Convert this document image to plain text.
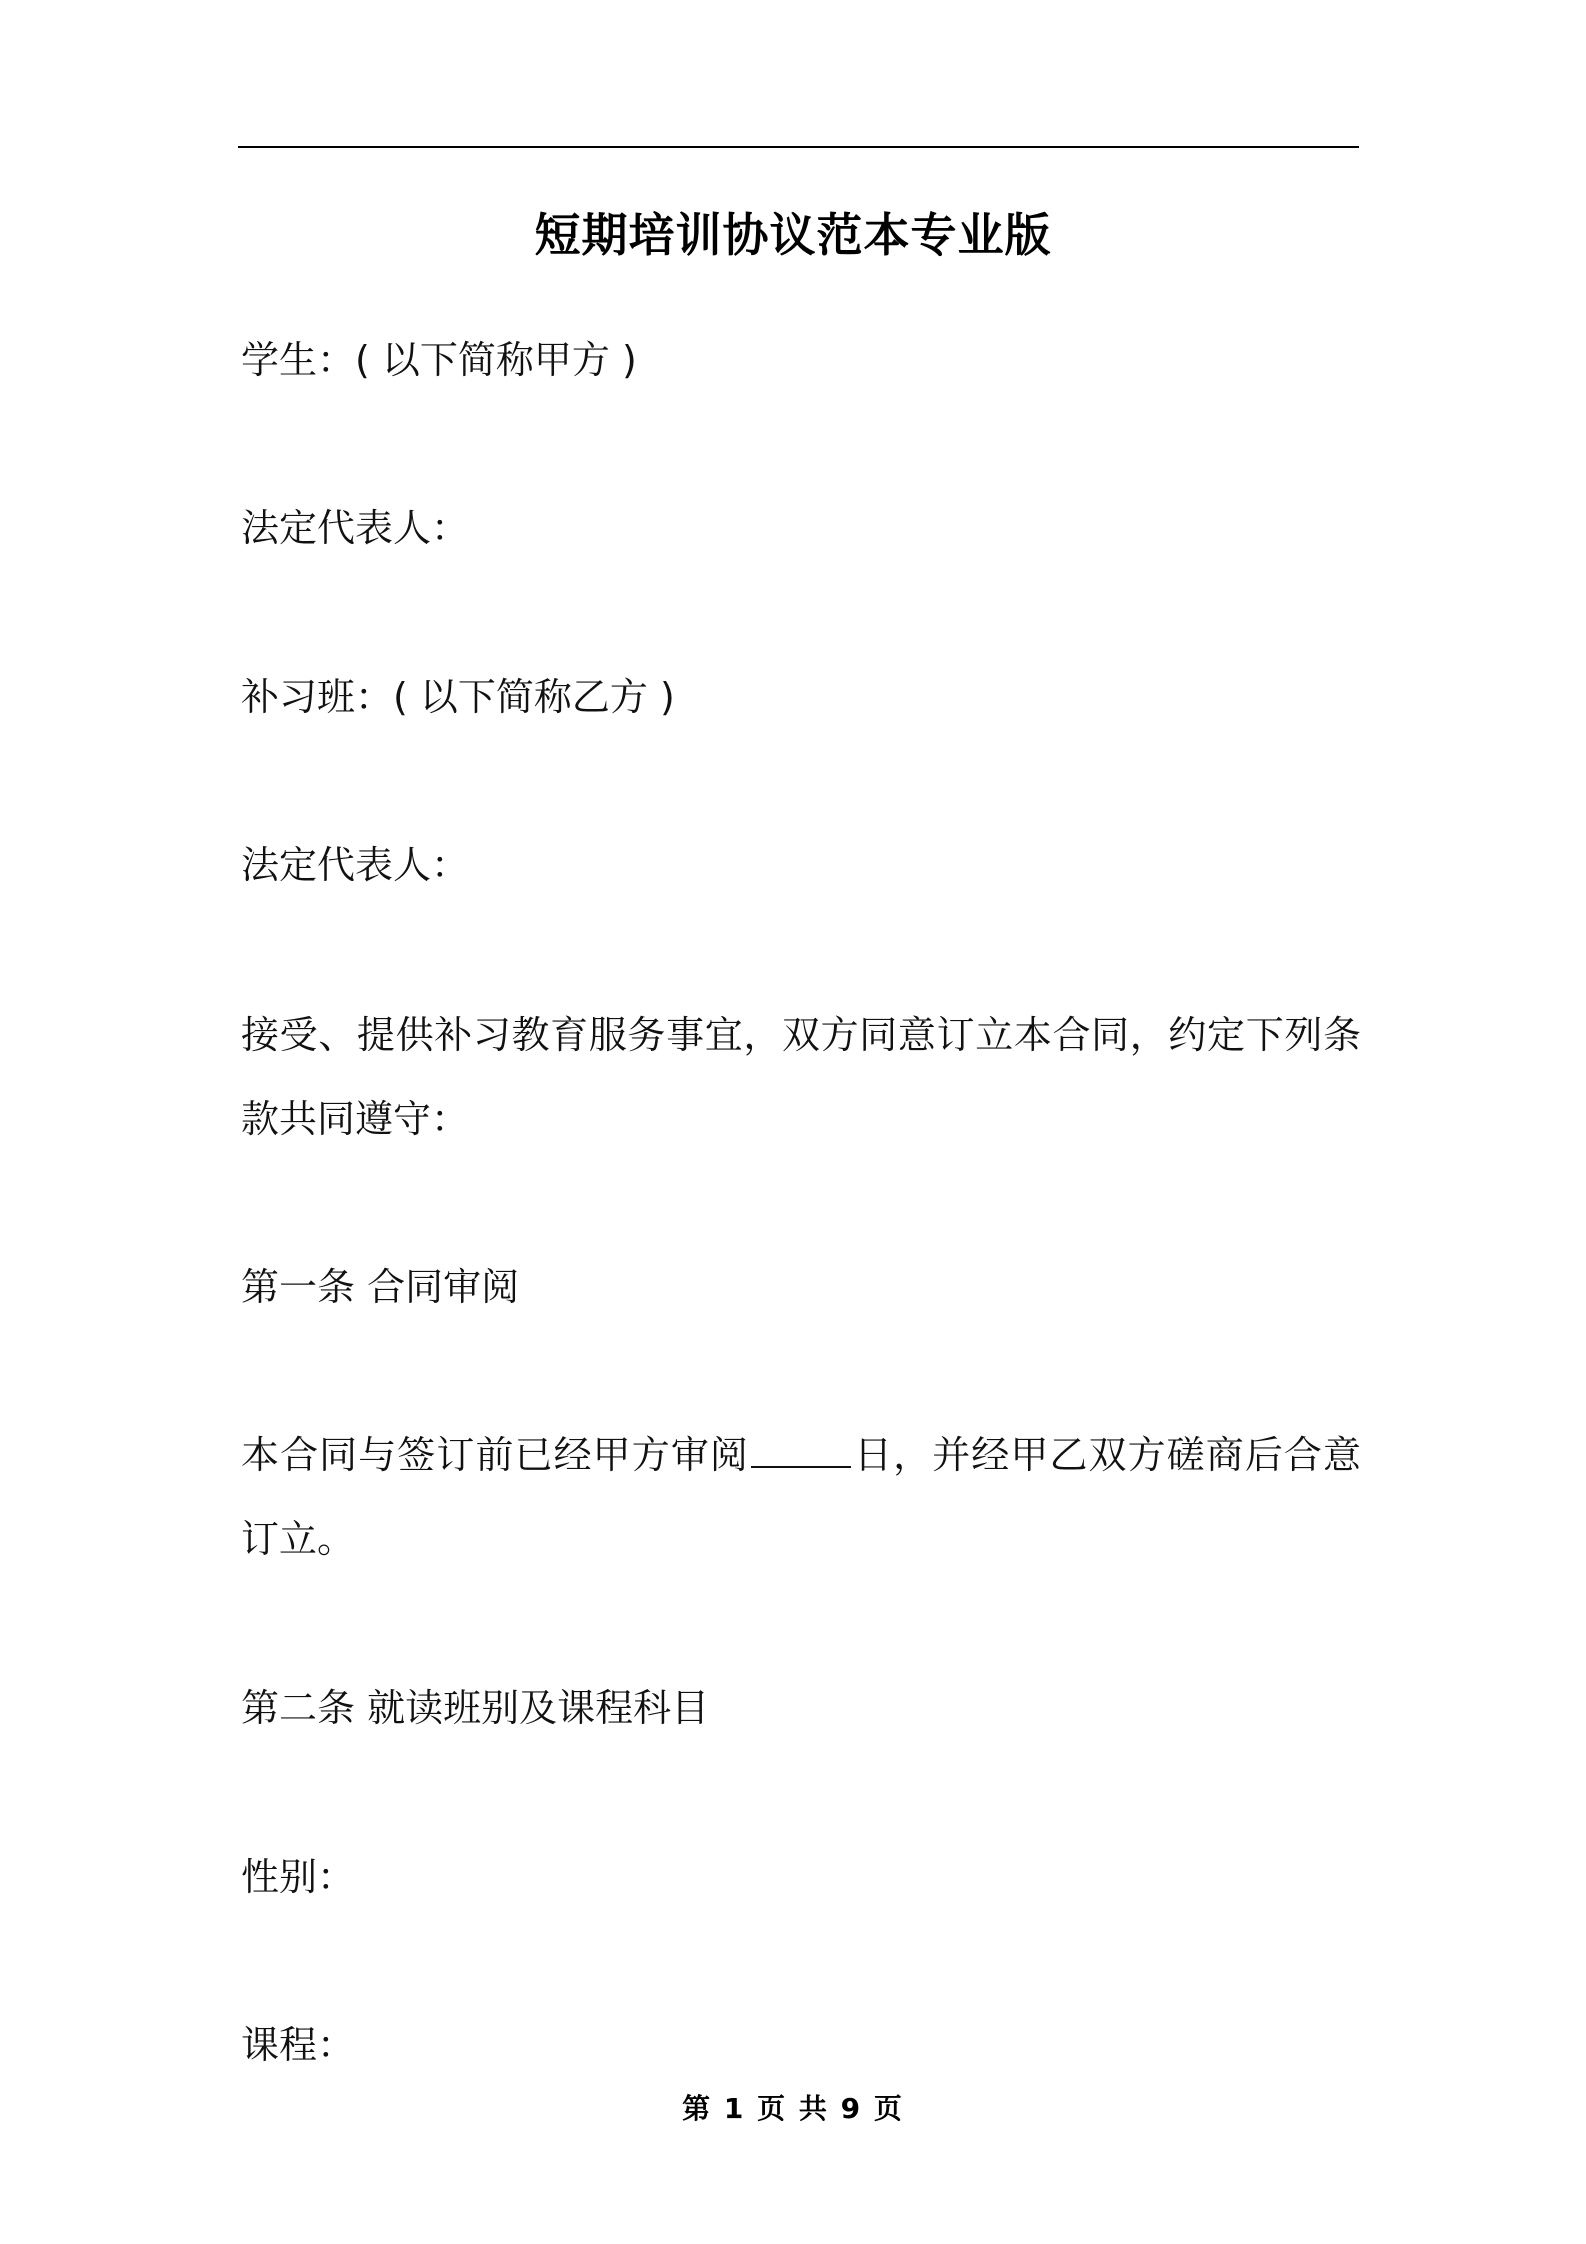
短期培训协议范本专业版
学生：( 以下简称甲方 )
法定代表人：
补习班：( 以下简称乙方 )
法定代表人：
接受、提供补习教育服务事宜，双方同意订立本合同，约定下列条款共同遵守：
第一条 合同审阅
本合同与签订前已经甲方审阅	日，并经甲乙双方磋商后合意订立。
第二条 就读班别及课程科目
性别：
课程：
第 1 页 共 9 页
